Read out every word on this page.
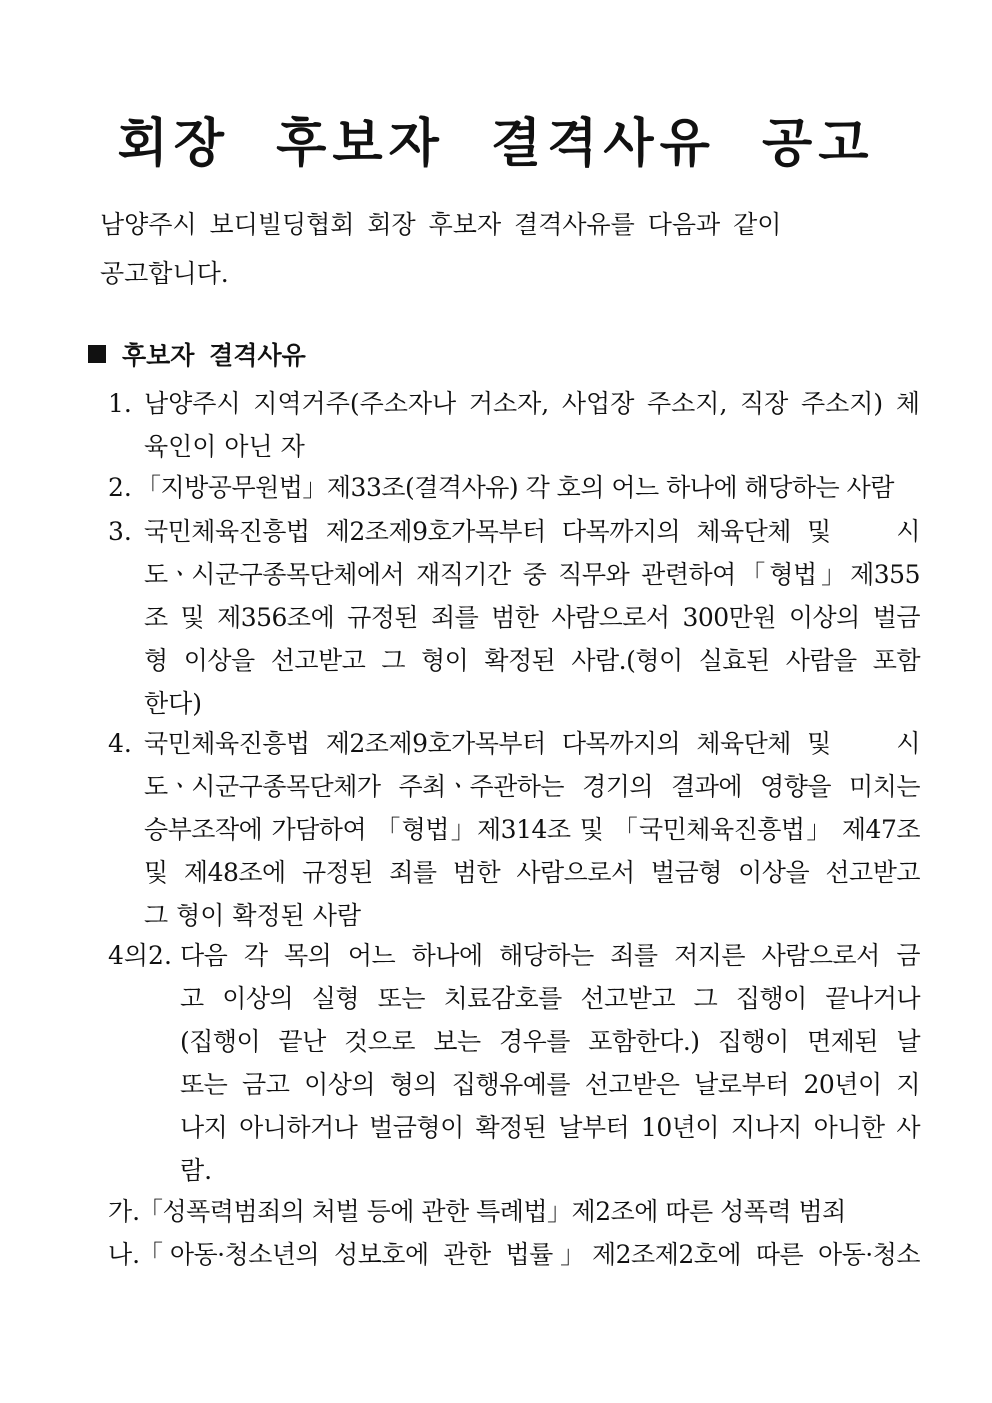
회장 후보자 결격사유 공고
남양주시 보디빌딩협회 회장 후보자 결격사유를 다음과 같이
공고합니다.
후보자 결격사유
1. 남양주시 지역거주(주소자나 거소자, 사업장 주소지, 직장 주소지) 체
육인이 아닌 자
2. 「지방공무원법」제33조(결격사유) 각 호의 어느 하나에 해당하는 사람
3. 국민체육진흥법 제2조제9호가목부터 다목까지의 체육단체 및 　 시
도ㆍ시군구종목단체에서 재직기간 중 직무와 관련하여「형법」제355
조 및 제356조에 규정된 죄를 범한 사람으로서 300만원 이상의 벌금
형 이상을 선고받고 그 형이 확정된 사람.(형이 실효된 사람을 포함
한다)
4. 국민체육진흥법 제2조제9호가목부터 다목까지의 체육단체 및 　 시
도ㆍ시군구종목단체가 주최ㆍ주관하는 경기의 결과에 영향을 미치는
승부조작에 가담하여 「형법」제314조 및 「국민체육진흥법」 제47조
및 제48조에 규정된 죄를 범한 사람으로서 벌금형 이상을 선고받고
그 형이 확정된 사람
4의2. 다음 각 목의 어느 하나에 해당하는 죄를 저지른 사람으로서 금
고 이상의 실형 또는 치료감호를 선고받고 그 집행이 끝나거나
(집행이 끝난 것으로 보는 경우를 포함한다.) 집행이 면제된 날
또는 금고 이상의 형의 집행유예를 선고받은 날로부터 20년이 지
나지 아니하거나 벌금형이 확정된 날부터 10년이 지나지 아니한 사
람.
가.
「성폭력범죄의 처벌 등에 관한 특례법」제2조에 따른 성폭력 범죄
나.
「아동·청소년의 성보호에 관한 법률」제2조제2호에 따른 아동·청소
